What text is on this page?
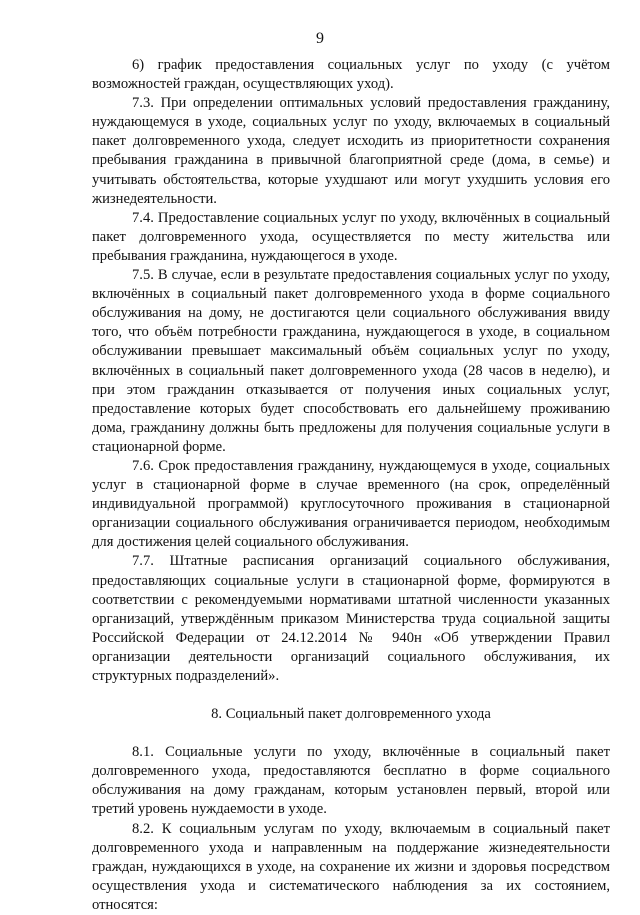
9

6) график предоставления социальных услуг по уходу (с учётом возможностей граждан, осуществляющих уход).

7.3. При определении оптимальных условий предоставления гражданину, нуждающемуся в уходе, социальных услуг по уходу, включаемых в социальный пакет долговременного ухода, следует исходить из приоритетности сохранения пребывания гражданина в привычной благоприятной среде (дома, в семье) и учитывать обстоятельства, которые ухудшают или могут ухудшить условия его жизнедеятельности.

7.4. Предоставление социальных услуг по уходу, включённых в социальный пакет долговременного ухода, осуществляется по месту жительства или пребывания гражданина, нуждающегося в уходе.

7.5. В случае, если в результате предоставления социальных услуг по уходу, включённых в социальный пакет долговременного ухода в форме социального обслуживания на дому, не достигаются цели социального обслуживания ввиду того, что объём потребности гражданина, нуждающегося в уходе, в социальном обслуживании превышает максимальный объём социальных услуг по уходу, включённых в социальный пакет долговременного ухода (28 часов в неделю), и при этом гражданин отказывается от получения иных социальных услуг, предоставление которых будет способствовать его дальнейшему проживанию дома, гражданину должны быть предложены для получения социальные услуги в стационарной форме.

7.6. Срок предоставления гражданину, нуждающемуся в уходе, социальных услуг в стационарной форме в случае временного (на срок, определённый индивидуальной программой) круглосуточного проживания в стационарной организации социального обслуживания ограничивается периодом, необходимым для достижения целей социального обслуживания.

7.7. Штатные расписания организаций социального обслуживания, предоставляющих социальные услуги в стационарной форме, формируются в соответствии с рекомендуемыми нормативами штатной численности указанных организаций, утверждённым приказом Министерства труда социальной защиты Российской Федерации от 24.12.2014 № 940н «Об утверждении Правил организации деятельности организаций социального обслуживания, их структурных подразделений».

8. Социальный пакет долговременного ухода

8.1. Социальные услуги по уходу, включённые в социальный пакет долговременного ухода, предоставляются бесплатно в форме социального обслуживания на дому гражданам, которым установлен первый, второй или третий уровень нуждаемости в уходе.

8.2. К социальным услугам по уходу, включаемым в социальный пакет долговременного ухода и направленным на поддержание жизнедеятельности граждан, нуждающихся в уходе, на сохранение их жизни и здоровья посредством осуществления ухода и систематического наблюдения за их состоянием, относятся:
